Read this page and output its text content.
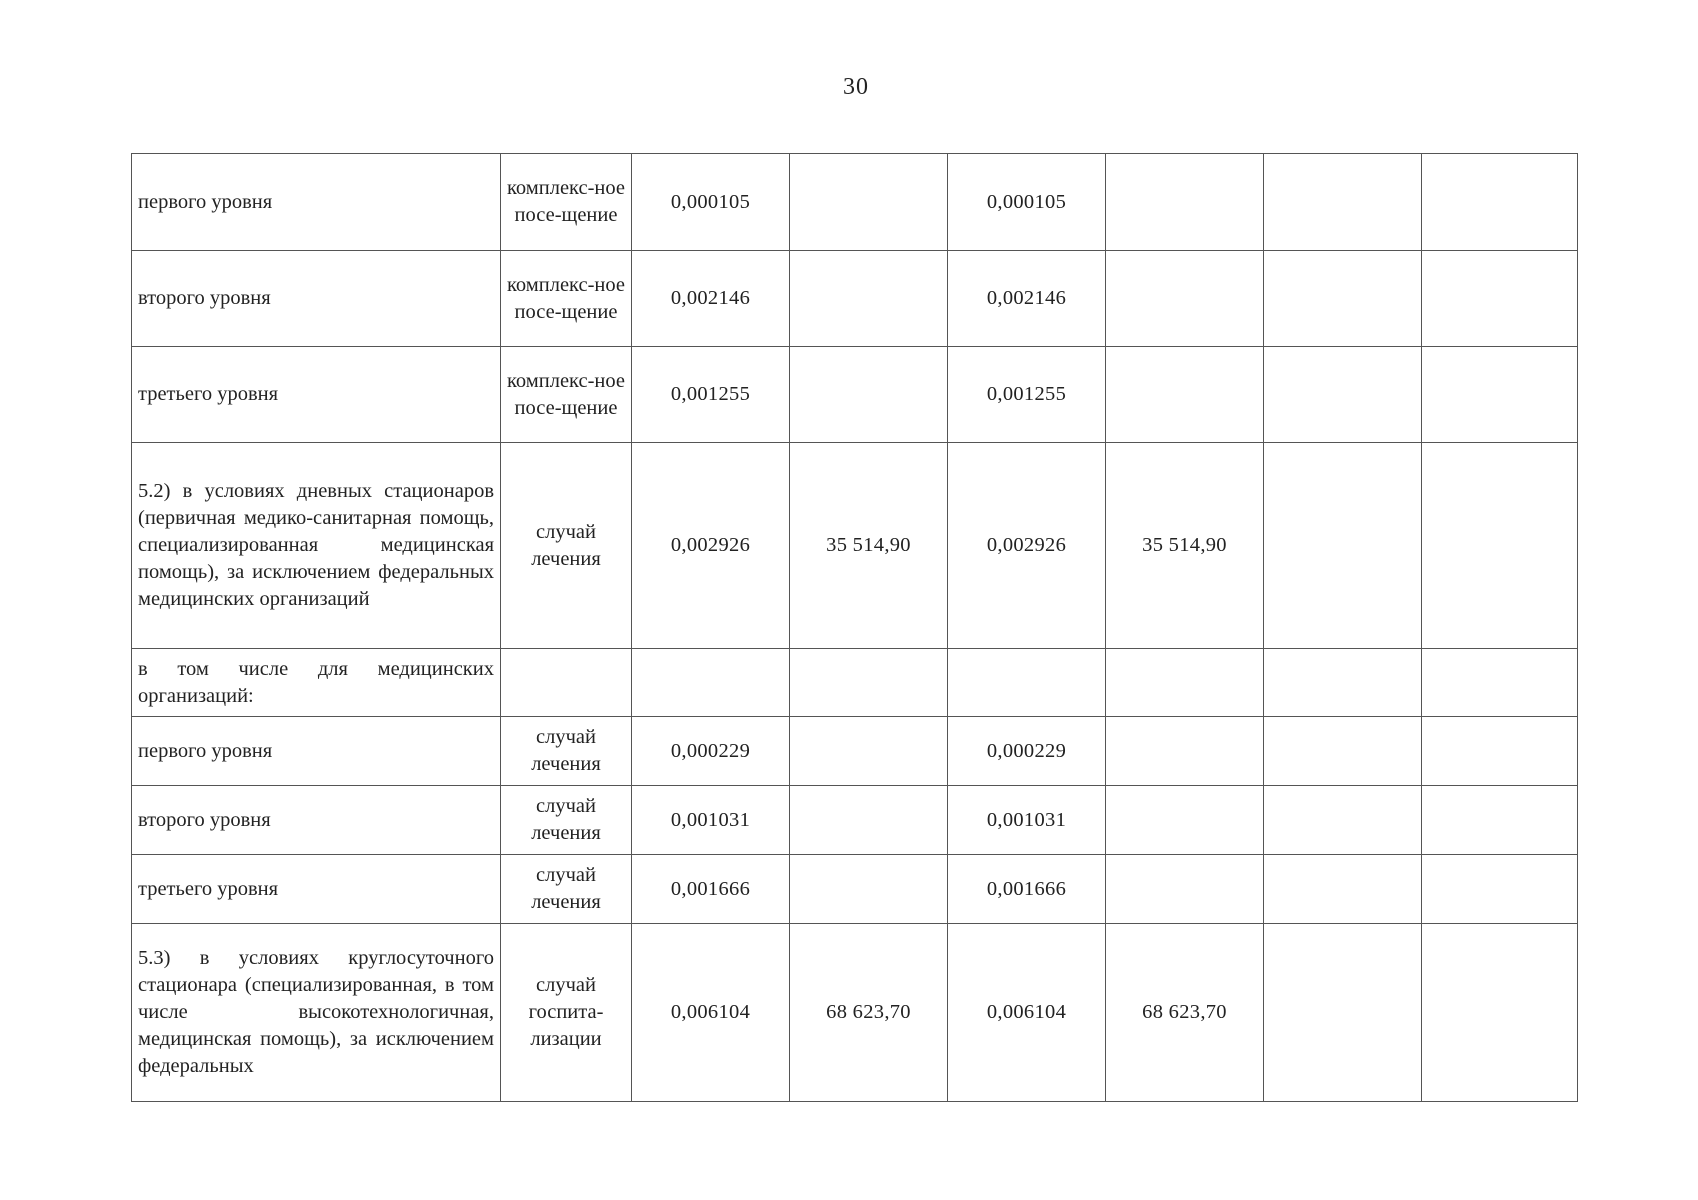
30
первого уровня	комплекс-ное посе-щение	0,000105		0,000105			
второго уровня	комплекс-ное посе-щение	0,002146		0,002146			
третьего уровня	комплекс-ное посе-щение	0,001255		0,001255			
5.2) в условиях дневных стационаров (первичная медико-санитарная помощь, специализированная медицинская помощь), за исключением федеральных медицинских организаций	случай лечения	0,002926	35 514,90	0,002926	35 514,90		
в том числе для медицинских организаций:							
первого уровня	случай лечения	0,000229		0,000229			
второго уровня	случай лечения	0,001031		0,001031			
третьего уровня	случай лечения	0,001666		0,001666			
5.3) в условиях круглосуточного стационара (специализированная, в том числе высокотехнологичная, медицинская помощь), за исключением федеральных	случай госпита-лизации	0,006104	68 623,70	0,006104	68 623,70		
